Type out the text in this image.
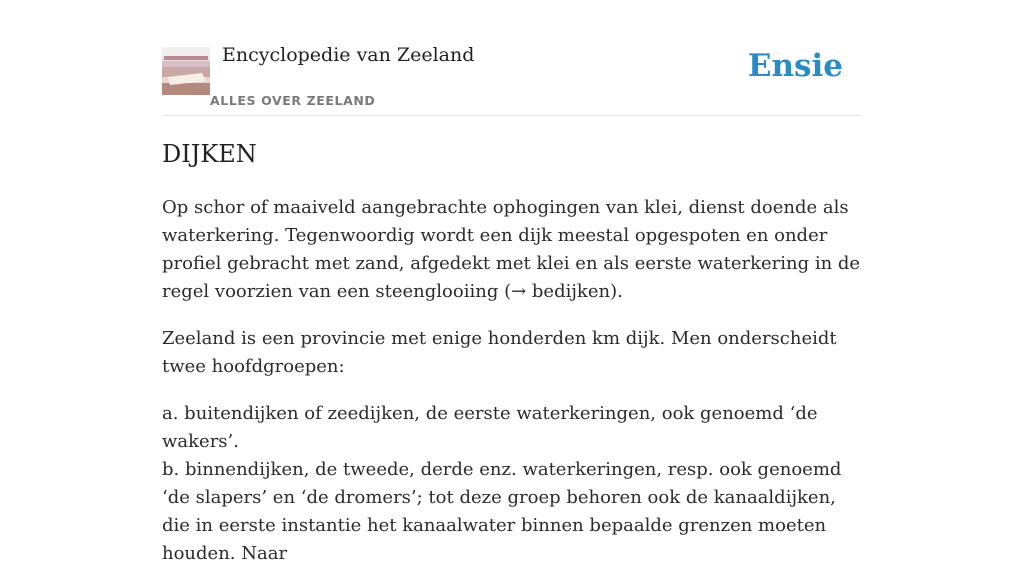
Encyclopedie van Zeeland
ALLES OVER ZEELAND
Ensie
DIJKEN

Op schor of maaiveld aangebrachte ophogingen van klei, dienst doende als waterkering. Tegenwoordig wordt een dijk meestal opgespoten en onder profiel gebracht met zand, afgedekt met klei en als eerste waterkering in de regel voorzien van een steenglooiing (→ bedijken).

Zeeland is een provincie met enige honderden km dijk. Men onderscheidt twee hoofdgroepen:

a. buitendijken of zeedijken, de eerste waterkeringen, ook genoemd ‘de wakers’.
b. binnendijken, de tweede, derde enz. waterkeringen, resp. ook genoemd ‘de slapers’ en ‘de dromers’; tot deze groep behoren ook de kanaaldijken, die in eerste instantie het kanaalwater binnen bepaalde grenzen moeten houden. Naar
